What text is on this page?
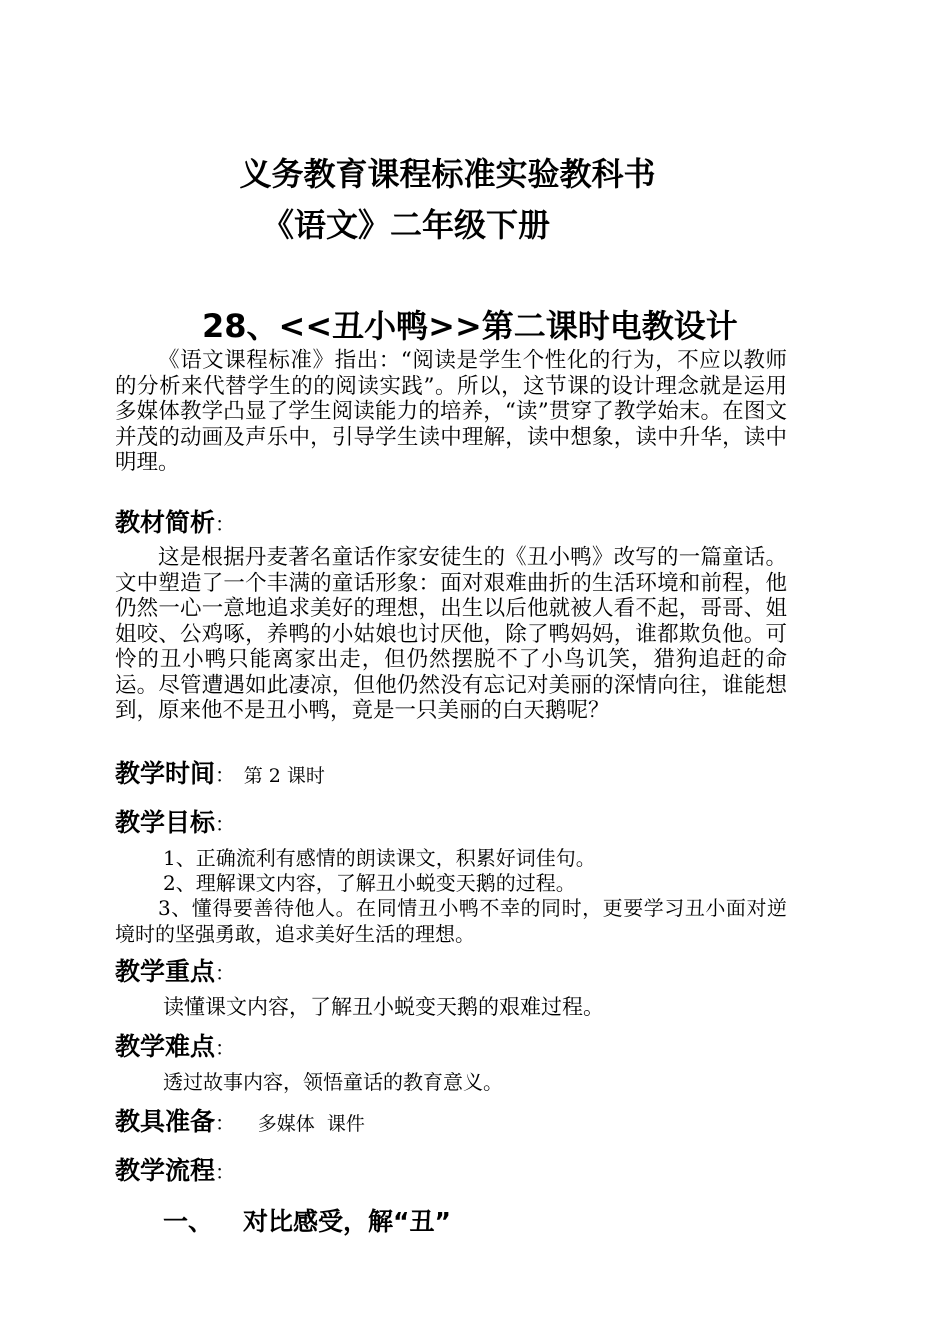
义务教育课程标准实验教科书
《语文》二年级下册
28、<<丑小鸭>>第二课时电教设计
《语文课程标准》指出：“阅读是学生个性化的行为，不应以教师的分析来代替学生的的阅读实践”。所以，这节课的设计理念就是运用多媒体教学凸显了学生阅读能力的培养，“读”贯穿了教学始末。在图文并茂的动画及声乐中，引导学生读中理解，读中想象，读中升华，读中明理。
教材简析：
这是根据丹麦著名童话作家安徒生的《丑小鸭》改写的一篇童话。文中塑造了一个丰满的童话形象：面对艰难曲折的生活环境和前程，他仍然一心一意地追求美好的理想，出生以后他就被人看不起，哥哥、姐姐咬、公鸡啄，养鸭的小姑娘也讨厌他，除了鸭妈妈，谁都欺负他。可怜的丑小鸭只能离家出走，但仍然摆脱不了小鸟讥笑，猎狗追赶的命运。尽管遭遇如此凄凉，但他仍然没有忘记对美丽的深情向往，谁能想到，原来他不是丑小鸭，竟是一只美丽的白天鹅呢？
教学时间： 第 2 课时
教学目标：
1、正确流利有感情的朗读课文，积累好词佳句。
2、理解课文内容，了解丑小蜕变天鹅的过程。
3、懂得要善待他人。在同情丑小鸭不幸的同时，更要学习丑小面对逆境时的坚强勇敢，追求美好生活的理想。
教学重点：
读懂课文内容，了解丑小蜕变天鹅的艰难过程。
教学难点：
透过故事内容，领悟童话的教育意义。
教具准备： 多媒体  课件
教学流程：
一、 对比感受，解“丑”
